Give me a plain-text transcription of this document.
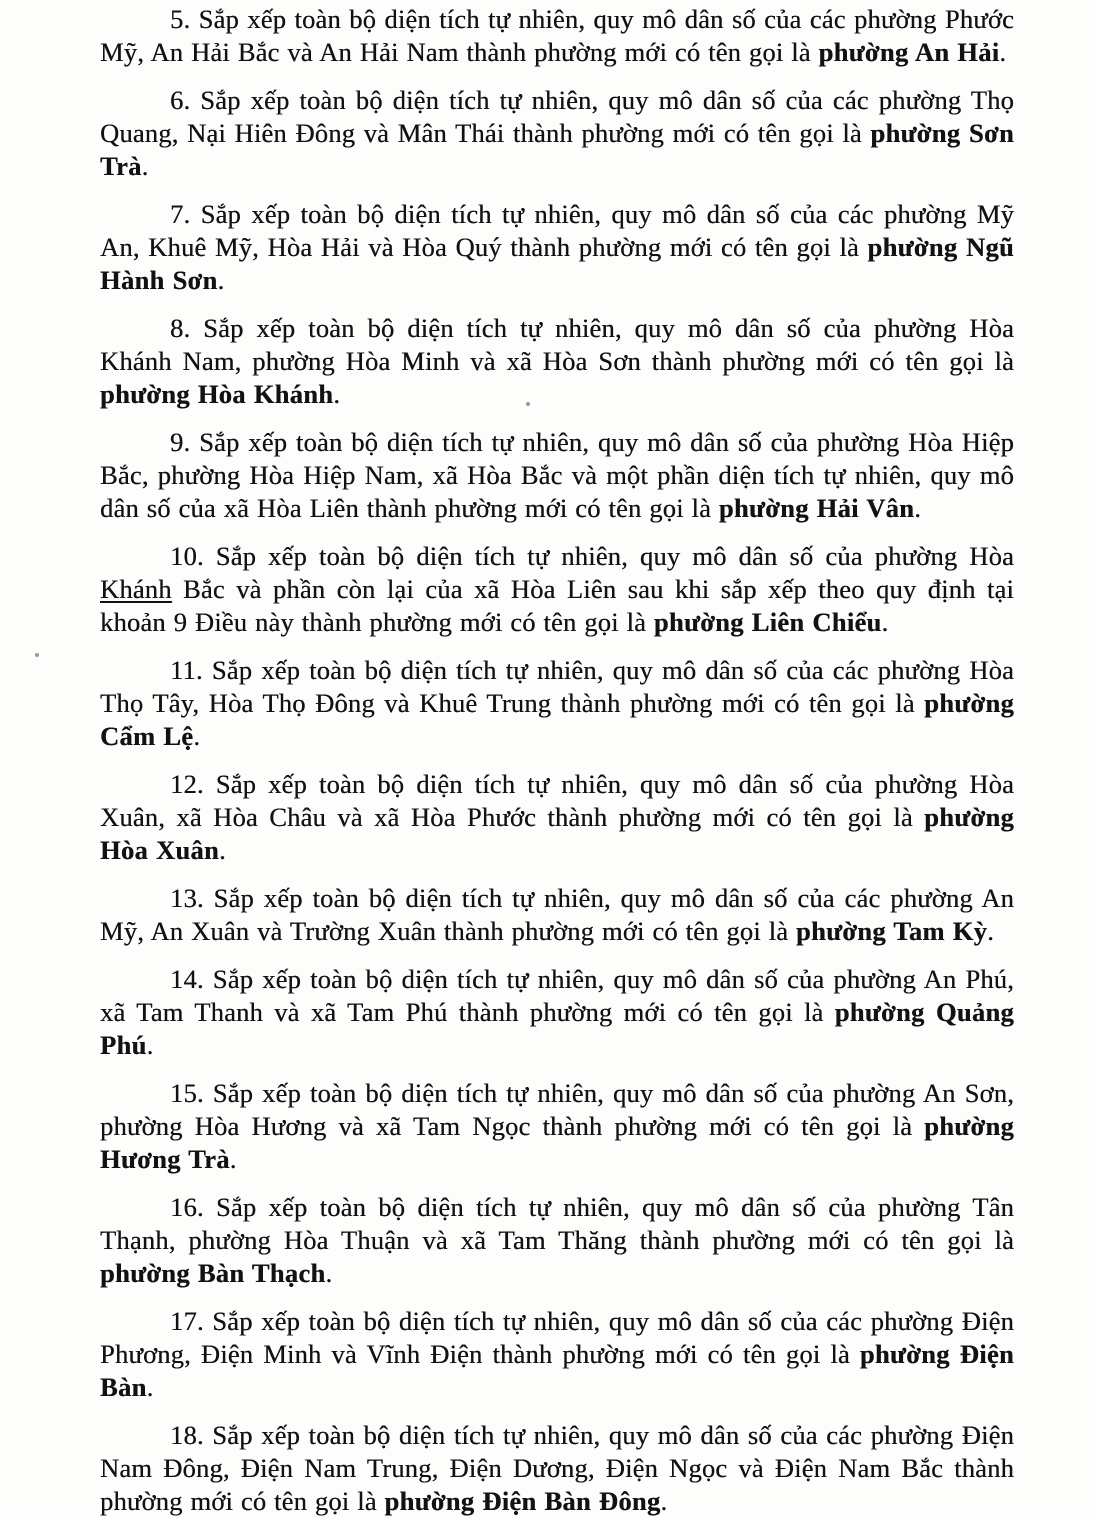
5. Sắp xếp toàn bộ diện tích tự nhiên, quy mô dân số của các phường Phước Mỹ, An Hải Bắc và An Hải Nam thành phường mới có tên gọi là phường An Hải.

6. Sắp xếp toàn bộ diện tích tự nhiên, quy mô dân số của các phường Thọ Quang, Nại Hiên Đông và Mân Thái thành phường mới có tên gọi là phường Sơn Trà.

7. Sắp xếp toàn bộ diện tích tự nhiên, quy mô dân số của các phường Mỹ An, Khuê Mỹ, Hòa Hải và Hòa Quý thành phường mới có tên gọi là phường Ngũ Hành Sơn.

8. Sắp xếp toàn bộ diện tích tự nhiên, quy mô dân số của phường Hòa Khánh Nam, phường Hòa Minh và xã Hòa Sơn thành phường mới có tên gọi là phường Hòa Khánh.

9. Sắp xếp toàn bộ diện tích tự nhiên, quy mô dân số của phường Hòa Hiệp Bắc, phường Hòa Hiệp Nam, xã Hòa Bắc và một phần diện tích tự nhiên, quy mô dân số của xã Hòa Liên thành phường mới có tên gọi là phường Hải Vân.

10. Sắp xếp toàn bộ diện tích tự nhiên, quy mô dân số của phường Hòa Khánh Bắc và phần còn lại của xã Hòa Liên sau khi sắp xếp theo quy định tại khoản 9 Điều này thành phường mới có tên gọi là phường Liên Chiểu.

11. Sắp xếp toàn bộ diện tích tự nhiên, quy mô dân số của các phường Hòa Thọ Tây, Hòa Thọ Đông và Khuê Trung thành phường mới có tên gọi là phường Cẩm Lệ.

12. Sắp xếp toàn bộ diện tích tự nhiên, quy mô dân số của phường Hòa Xuân, xã Hòa Châu và xã Hòa Phước thành phường mới có tên gọi là phường Hòa Xuân.

13. Sắp xếp toàn bộ diện tích tự nhiên, quy mô dân số của các phường An Mỹ, An Xuân và Trường Xuân thành phường mới có tên gọi là phường Tam Kỳ.

14. Sắp xếp toàn bộ diện tích tự nhiên, quy mô dân số của phường An Phú, xã Tam Thanh và xã Tam Phú thành phường mới có tên gọi là phường Quảng Phú.

15. Sắp xếp toàn bộ diện tích tự nhiên, quy mô dân số của phường An Sơn, phường Hòa Hương và xã Tam Ngọc thành phường mới có tên gọi là phường Hương Trà.

16. Sắp xếp toàn bộ diện tích tự nhiên, quy mô dân số của phường Tân Thạnh, phường Hòa Thuận và xã Tam Thăng thành phường mới có tên gọi là phường Bàn Thạch.

17. Sắp xếp toàn bộ diện tích tự nhiên, quy mô dân số của các phường Điện Phương, Điện Minh và Vĩnh Điện thành phường mới có tên gọi là phường Điện Bàn.

18. Sắp xếp toàn bộ diện tích tự nhiên, quy mô dân số của các phường Điện Nam Đông, Điện Nam Trung, Điện Dương, Điện Ngọc và Điện Nam Bắc thành phường mới có tên gọi là phường Điện Bàn Đông.
